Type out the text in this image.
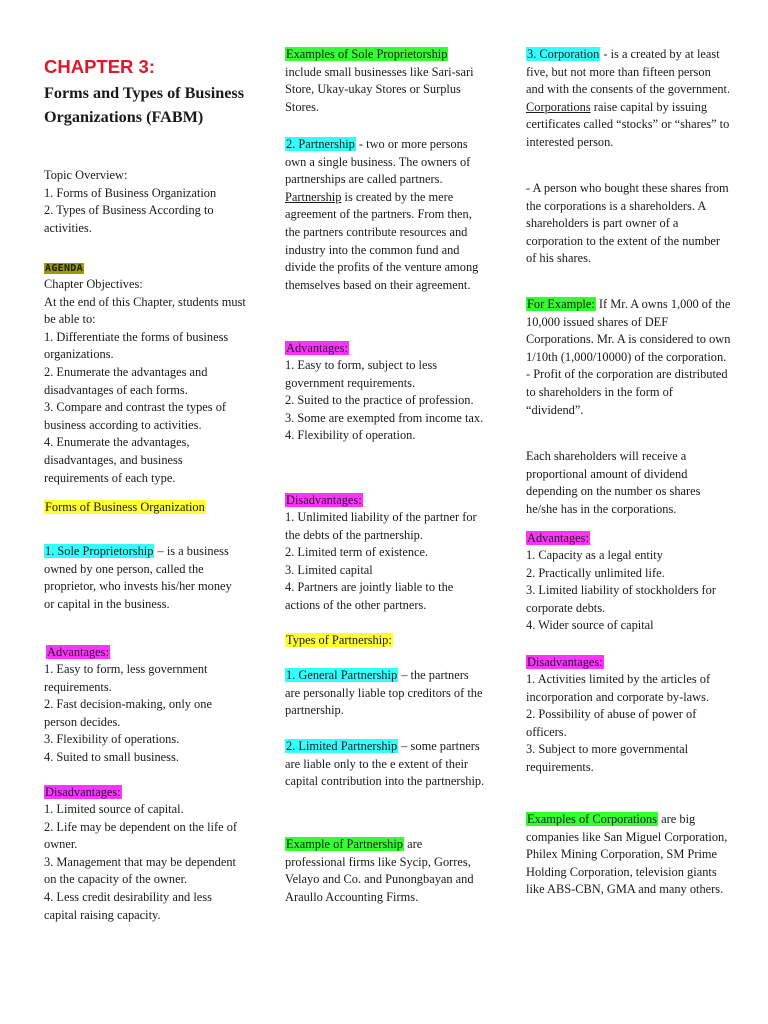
CHAPTER 3:

Forms and Types of Business Organizations (FABM)

Topic Overview:

1. Forms of Business Organization

2. Types of Business According to activities.

AGENDA

Chapter Objectives:

At the end of this Chapter, students must be able to:

1. Differentiate the forms of business organizations.

2. Enumerate the advantages and disadvantages of each forms.

3. Compare and contrast the types of business according to activities.

4. Enumerate the advantages, disadvantages, and business requirements of each type.

Forms of Business Organization

1. Sole Proprietorship – is a business owned by one person, called the proprietor, who invests his/her money or capital in the business.

Advantages:

1. Easy to form, less government requirements.

2. Fast decision-making, only one person decides.

3. Flexibility of operations.

4. Suited to small business.

Disadvantages:

1. Limited source of capital.

2. Life may be dependent on the life of owner.

3. Management that may be dependent on the capacity of the owner.

4. Less credit desirability and less capital raising capacity.

Examples of Sole Proprietorship

include small businesses like Sari-sari Store, Ukay-ukay Stores or Surplus Stores.

2. Partnership - two or more persons own a single business. The owners of partnerships are called partners. Partnership is created by the mere agreement of the partners. From then, the partners contribute resources and industry into the common fund and divide the profits of the venture among themselves based on their agreement.

Advantages:

1. Easy to form, subject to less government requirements.

2. Suited to the practice of profession.

3. Some are exempted from income tax.

4. Flexibility of operation.

Disadvantages:

1. Unlimited liability of the partner for the debts of the partnership.

2. Limited term of existence.

3. Limited capital

4. Partners are jointly liable to the actions of the other partners.

Types of Partnership:

1. General Partnership – the partners are personally liable top creditors of the partnership.

2. Limited Partnership – some partners are liable only to the e extent of their capital contribution into the partnership.

Example of Partnership are professional firms like Sycip, Gorres, Velayo and Co. and Punongbayan and Araullo Accounting Firms.

3. Corporation - is a created by at least five, but not more than fifteen person and with the consents of the government. Corporations raise capital by issuing certificates called “stocks” or “shares” to interested person.

- A person who bought these shares from the corporations is a shareholders. A shareholders is part owner of a corporation to the extent of the number of his shares.

For Example: If Mr. A owns 1,000 of the 10,000 issued shares of DEF Corporations. Mr. A is considered to own 1/10th (1,000/10000) of the corporation.

- Profit of the corporation are distributed to shareholders in the form of “dividend”.

Each shareholders will receive a proportional amount of dividend depending on the number os shares he/she has in the corporations.

Advantages:

1. Capacity as a legal entity

2. Practically unlimited life.

3. Limited liability of stockholders for corporate debts.

4. Wider source of capital

Disadvantages:

1. Activities limited by the articles of incorporation and corporate by-laws.

2. Possibility of abuse of power of officers.

3. Subject to more governmental requirements.

Examples of Corporations are big companies like San Miguel Corporation, Philex Mining Corporation, SM Prime Holding Corporation, television giants like ABS-CBN, GMA and many others.
